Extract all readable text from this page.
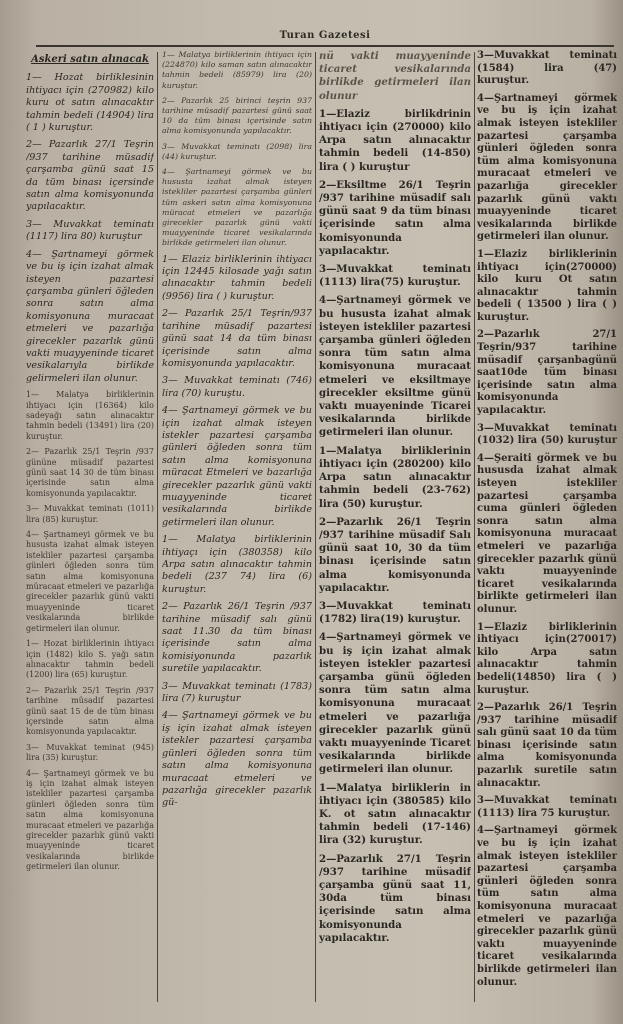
Turan Gazetesi
Askeri satın alınacak

1— Hozat birliklesinin ihtiyacı için (270982) kilo kuru ot satın alınacaktır tahmin bedeli (14904) lira ( 1 ) kuruştur.

2— Pazarlık 27/1 Teşrin /937 tarihine müsadif çarşamba günü saat 15 da tüm binası içersinde satın alma komisyonunda yapılacaktır.

3— Muvakkat teminatı (1117) lira 80) kuruştur

4— Şartnameyi görmek ve bu iş için izahat almak isteyen pazartesi çarşamba günleri öğleden sonra satın alma komisyonuna muracaat etmeleri ve pazarlığa girecekler pazarlık günü vakti muayyeninde ticaret vesikalarıyla birlikde gelirmeleri ilan olunur.

1— Malatya birliklerinin ihtiyacı için (16364) kilo sadeyağı satın alınacaktır tahmin bedeli (13491) lira (20) kuruştur.

2— Pazarlık 25/1 Teşrin /937 gününe müsadif pazartesi günü saat 14 30 de tüm binası içerisinde satın alma komisyonunda yapılacaktır.

3— Muvakkat teminatı (1011) lira (85) kuruştur.

4— Şartnameyi görmek ve bu hususta izahat almak isteyen istekliler pazartesi çarşamba günleri öğleden sonra tüm satın alma komisyonuna müracaat etmeleri ve pazarlığa girecekler pazarlık günü vakti muayyeninde ticaret vesikalarında birlikde getirmeleri ilan olunur.

1— Hozat birliklerinin ihtiyacı için (1482) kilo S. yağı satın alınacaktır tahmin bedeli (1200) lira (65) kuruştur.

2— Pazarlık 25/1 Teşrin /937 tarihine müsadif pazartesi günü saat 15 de de tüm binası içersinde satın alma komisyonunda yapılacaktır.

3— Muvakkat teminat (945) lira (35) kuruştur.

4— Şartnameyi görmek ve bu iş için izahat almak isteyen istekliler pazartesi çarşamba günleri öğleden sonra tüm satın alma komisyonuna muracaat etmeleri ve pazarlığa girecekler pazarlık günü vakti muayyeninde ticaret vesikalarında birlikde getirmeleri ilan olunur.

1— Malatya birliklerinin ihtiyacı için (224870) kilo saman satın alınacaktır tahmin bedeli (85979) lira (20) kuruştur.

2— Pazarlık 25 birinci teşrin 937 tarihine müsadif pazartesi günü saat 10 da tüm binası içerisinde satın alma komisyonunda yapılacaktır.

3— Muvakkat teminatı (2098) lira (44) kuruştur.

4— Şartnameyi görmek ve bu hususta izahat almak isteyen istekliler pazartesi çarşamba günleri tüm askeri satın alma komisyonuna müracat etmeleri ve pazarlığa girecekler pazarlık günü vakti muayyeninde ticaret vesikalarında birlikde getirmeleri ilan olunur.

1— Elaziz birliklerinin ihtiyacı için 12445 kilosade yağı satın alınacaktır tahmin bedeli (9956) lira ( ) kuruştur.

2— Pazarlık 25/1 Teşrin/937 tarihine müsadif pazartesi günü saat 14 da tüm binası içerisinde satın alma komisyonunda yapılacaktır.

3— Muvakkat teminatı (746) lira (70) kuruştu.

4— Şartnameyi görmek ve bu için izahat almak isteyen istekler pazartesi çarşamba günleri öğleden sonra tüm satın alma komisyonuna müracat Etmeleri ve bazarlığa girecekler pazarlık günü vakti muayyeninde ticaret vesikalarında birlikde getirmeleri ilan olunur.

1— Malatya birliklerinin ihtiyaçı için (380358) kilo Arpa satın alınacaktır tahmin bedeli (237 74) lira (6) kuruştur.

2— Pazarlık 26/1 Teşrin /937 tarihine müsadif salı günü saat 11.30 da tüm binası içerisinde satın alma komisiyonunda pazarlık suretile yapılacaktır.

3— Muvakkat teminatı (1783) lira (7) kuruştur

4— Şartnameyi görmek ve bu iş için izahat almak isteyen istekler pazartesi çarşamba günleri öğleden sonra tüm satın alma komisyonuna muracaat etmeleri ve pazarlığa girecekler pazarlık gü-

nü vakti muayyeninde ticaret vesikalarında birlikde getirmeleri ilan olunur

1—Elaziz birlikdrinin ihtiyacı için (270000) kilo Arpa satın alınacaktır tahmin bedeli (14-850) lira ( ) kuruştur

2—Eksiltme 26/1 Teşrin /937 tarihine müsadif salı günü saat 9 da tüm binası içerisinde satın alma komisyonunda yapılacaktır.

3—Muvakkat teminatı (1113) lira(75) kuruştur.

4—Şartnameyi görmek ve bu hususta izahat almak isteyen istekliler pazartesi çarşamba günleri öğleden sonra tüm satın alma komisyonuna muracaat etmeleri ve eksiltmaye girecekler eksiltme günü vaktı muayeninde Ticarei vesikalarında birlikde getirmeleri ilan olunur.

1—Malatya birliklerinin ihtiyacı için (280200) kilo Arpa satın alınacaktır tahmin bedeli (23-762) lira (50) kuruştur.

2—Pazarlık 26/1 Teşrin /937 tarihine müsadif Salı günü saat 10, 30 da tüm binası içerisinde satın alma komisyonunda yapılacaktır.

3—Muvakkat teminatı (1782) lira(19) kuruştur.

4—Şartnameyi görmek ve bu iş için izahat almak isteyen istekler pazartesi çarşamba günü öğleden sonra tüm satın alma komisyonuna muracaat etmeleri ve pazarlığa girecekler pazarlık günü vaktı muayyeninde Ticaret vesikalarında birlikde getirmeleri ilan olunur.

1—Malatya birliklerin in ihtiyacı için (380585) kilo K. ot satın alınacaktır tahmin bedeli (17-146) lira (32) kuruştur.

2—Pazarlık 27/1 Teşrin /937 tarihine müsadif çarşamba günü saat 11, 30da tüm binası içerisinde satın alma komisyonunda yapılacaktır.

3—Muvakkat teminatı (1584) lira (47) kuruştur.

4—Şartnameyi görmek ve bu iş için izahat almak isteyen istekliler pazartesi çarşamba günleri öğleden sonra tüm alma komisyonuna muracaat etmeleri ve pazarlığa girecekler pazarlık günü vaktı muayyeninde ticaret vesikalarında birlikde getirmeleri ilan olunur.

1—Elaziz birliklerinin ihtiyacı için(270000) kilo kuru Ot satın alınacaktır tahmin bedeli ( 13500 ) lira ( ) kuruştur.

2—Pazarlık 27/1 Teşrin/937 tarihine müsadif çarşanbagünü saat10de tüm binası içerisinde satın alma komisyonunda yapılacaktır.

3—Muvakkat teminatı (1032) lira (50) kuruştur

4—Şeraiti görmek ve bu hususda izahat almak isteyen istekliler pazartesi çarşamba cuma günleri öğleden sonra satın alma komisyonuna muracaat etmeleri ve pazarlığa girecekler pazarlık günü vaktı muayyeninde ticaret vesikalarında birlikte getirmeleri ilan olunur.

1—Elaziz birliklerinin ihtiyacı için(270017) kilo Arpa satın alınacaktır tahmin bedeli(14850) lira ( ) kuruştur.

2—Pazarlık 26/1 Teşrin /937 tarihine müsadif salı günü saat 10 da tüm binası içerisinde satın alma komisyonunda pazarlık suretile satın alınacaktır.

3—Muvakkat teminatı (1113) lira 75 kuruştur.

4—Şartnameyi görmek ve bu iş için izahat almak isteyen istekliler pazartesi çarşamba günleri öğleden sonra tüm satın alma komisyonuna muracaat etmeleri ve pazarlığa girecekler pazarlık günü vaktı muayyeninde ticaret vesikalarında birlikde getirmeleri ilan olunur.
